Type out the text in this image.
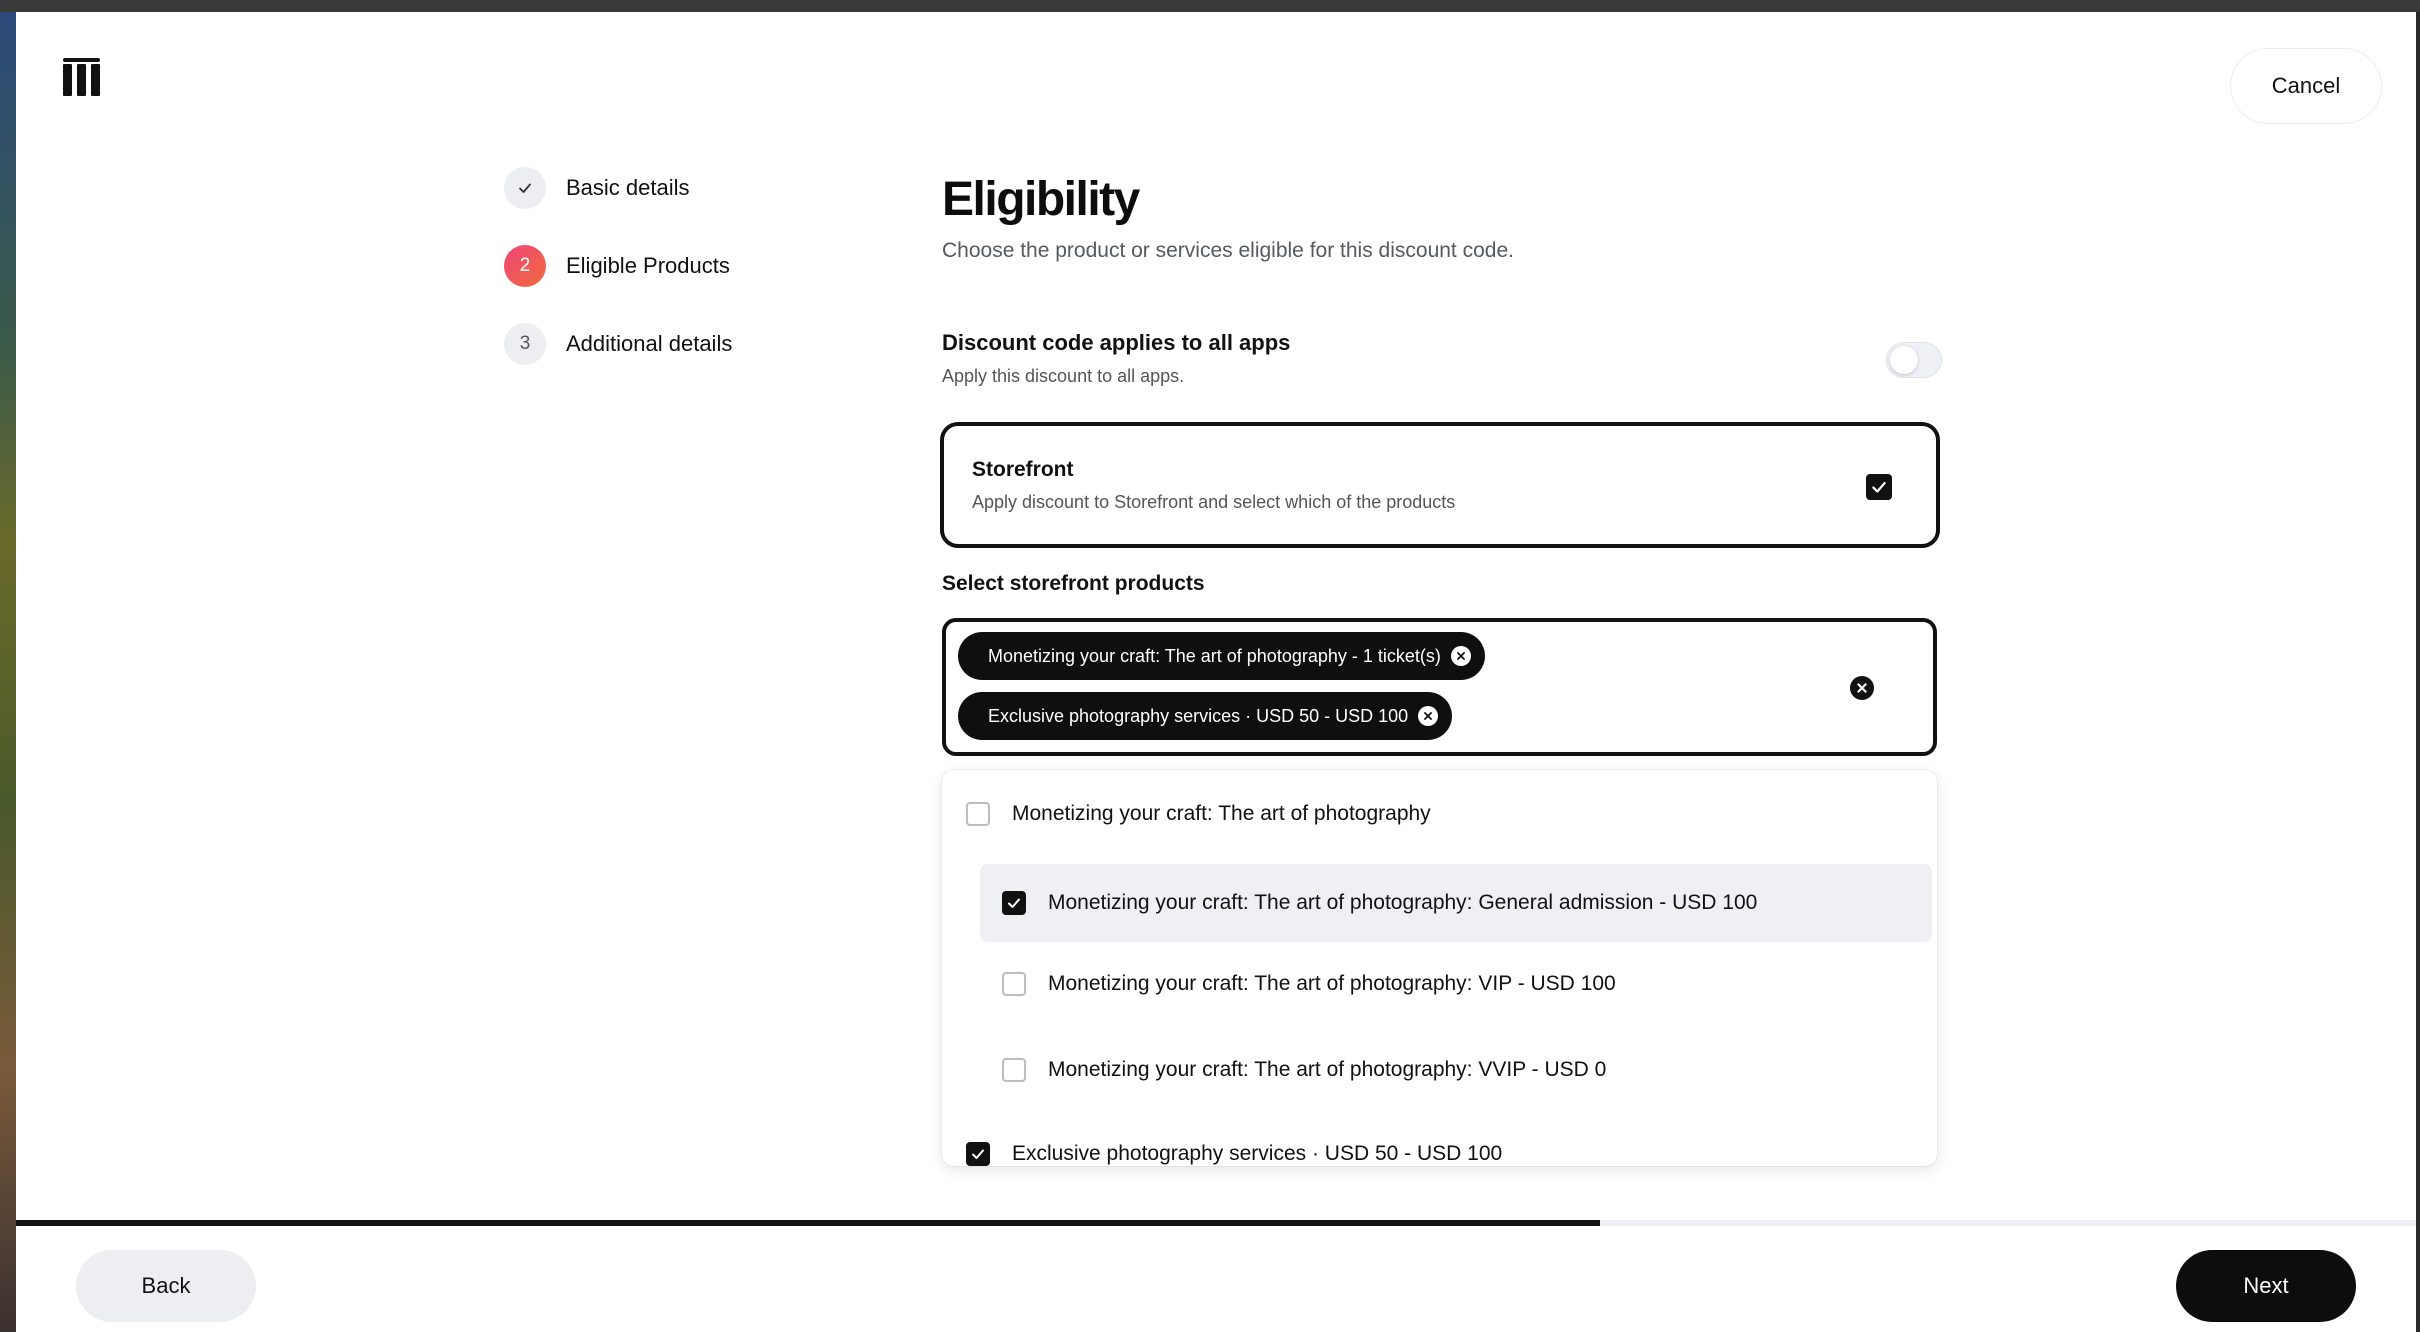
Cancel
Basic details
2	Eligible Products
3	Additional details
Eligibility

Choose the product or services eligible for this discount code.

Discount code applies to all apps
Apply this discount to all apps.
Storefront
Apply discount to Storefront and select which of the products
Select storefront products
Monetizing your craft: The art of photography - 1 ticket(s)
Exclusive photography services · USD 50 - USD 100
Monetizing your craft: The art of photography
Monetizing your craft: The art of photography: General admission - USD 100
Monetizing your craft: The art of photography: VIP - USD 100
Monetizing your craft: The art of photography: VVIP - USD 0
Exclusive photography services · USD 50 - USD 100
Back	Next
